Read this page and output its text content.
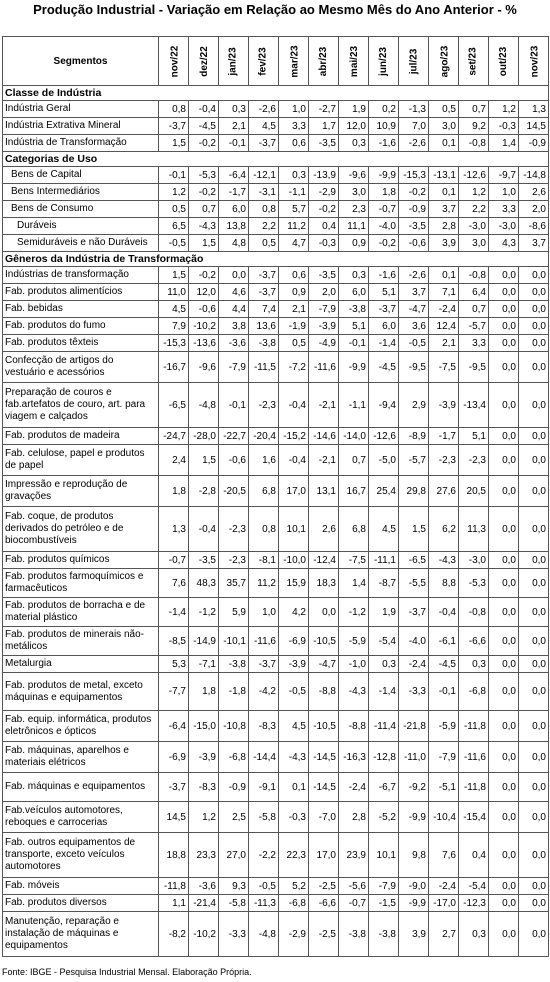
Produção Industrial - Variação em Relação ao Mesmo Mês do Ano Anterior - %
Segmentos	nov/22	dez/22	jan/23	fev/23	mar/23	abr/23	mai/23	jun/23	jul/23	ago/23	set/23	out/23	nov/23
Classe de Indústria													
Indústria Geral	0,8	-0,4	0,3	-2,6	1,0	-2,7	1,9	0,2	-1,3	0,5	0,7	1,2	1,3
Indústria Extrativa Mineral	-3,7	-4,5	2,1	4,5	3,3	1,7	12,0	10,9	7,0	3,0	9,2	-0,3	14,5
Indústria de Transformação	1,5	-0,2	-0,1	-3,7	0,6	-3,5	0,3	-1,6	-2,6	0,1	-0,8	1,4	-0,9
Categorias de Uso													
Bens de Capital	-0,1	-5,3	-6,4	-12,1	0,3	-13,9	-9,6	-9,9	-15,3	-13,1	-12,6	-9,7	-14,8
Bens Intermediários	1,2	-0,2	-1,7	-3,1	-1,1	-2,9	3,0	1,8	-0,2	0,1	1,2	1,0	2,6
Bens de Consumo	0,5	0,7	6,0	0,8	5,7	-0,2	2,3	-0,7	-0,9	3,7	2,2	3,3	2,0
Duráveis	6,5	-4,3	13,8	2,2	11,2	0,4	11,1	-4,0	-3,5	2,8	-3,0	-3,0	-8,6
Semiduráveis e não Duráveis	-0,5	1,5	4,8	0,5	4,7	-0,3	0,9	-0,2	-0,6	3,9	3,0	4,3	3,7
Gêneros da Indústria de Transformação													
Indústrias de transformação	1,5	-0,2	0,0	-3,7	0,6	-3,5	0,3	-1,6	-2,6	0,1	-0,8	0,0	0,0
Fab. produtos alimentícios	11,0	12,0	4,6	-3,7	0,9	2,0	6,0	5,1	3,7	7,1	6,4	0,0	0,0
Fab. bebidas	4,5	-0,6	4,4	7,4	2,1	-7,9	-3,8	-3,7	-4,7	-2,4	0,7	0,0	0,0
Fab. produtos do fumo	7,9	-10,2	3,8	13,6	-1,9	-3,9	5,1	6,0	3,6	12,4	-5,7	0,0	0,0
Fab. produtos têxteis	-15,3	-13,6	-3,6	-3,8	0,5	-4,9	-0,1	-1,4	-0,5	2,1	3,3	0,0	0,0
Confecção de artigos do vestuário e acessórios	-16,7	-9,6	-7,9	-11,5	-7,2	-11,6	-9,9	-4,5	-9,5	-7,5	-9,5	0,0	0,0
Preparação de couros e fab.artefatos de couro, art. para viagem e calçados	-6,5	-4,8	-0,1	-2,3	-0,4	-2,1	-1,1	-9,4	2,9	-3,9	-13,4	0,0	0,0
Fab. produtos de madeira	-24,7	-28,0	-22,7	-20,4	-15,2	-14,6	-14,0	-12,6	-8,9	-1,7	5,1	0,0	0,0
Fab. celulose, papel e produtos de papel	2,4	1,5	-0,6	1,6	-0,4	-2,1	0,7	-5,0	-5,7	-2,3	-2,3	0,0	0,0
Impressão e reprodução de gravações	1,8	-2,8	-20,5	6,8	17,0	13,1	16,7	25,4	29,8	27,6	20,5	0,0	0,0
Fab. coque, de produtos derivados do petróleo e de biocombustíveis	1,3	-0,4	-2,3	0,8	10,1	2,6	6,8	4,5	1,5	6,2	11,3	0,0	0,0
Fab. produtos químicos	-0,7	-3,5	-2,3	-8,1	-10,0	-12,4	-7,5	-11,1	-6,5	-4,3	-3,0	0,0	0,0
Fab. produtos farmoquímicos e farmacêuticos	7,6	48,3	35,7	11,2	15,9	18,3	1,4	-8,7	-5,5	8,8	-5,3	0,0	0,0
Fab. produtos de borracha e de material plástico	-1,4	-1,2	5,9	1,0	4,2	0,0	-1,2	1,9	-3,7	-0,4	-0,8	0,0	0,0
Fab. produtos de minerais não-metálicos	-8,5	-14,9	-10,1	-11,6	-6,9	-10,5	-5,9	-5,4	-4,0	-6,1	-6,6	0,0	0,0
Metalurgia	5,3	-7,1	-3,8	-3,7	-3,9	-4,7	-1,0	0,3	-2,4	-4,5	0,3	0,0	0,0
Fab. produtos de metal, exceto máquinas e equipamentos	-7,7	1,8	-1,8	-4,2	-0,5	-8,8	-4,3	-1,4	-3,3	-0,1	-6,8	0,0	0,0
Fab. equip. informática, produtos eletrônicos e ópticos	-6,4	-15,0	-10,8	-8,3	4,5	-10,5	-8,8	-11,4	-21,8	-5,9	-11,8	0,0	0,0
Fab. máquinas, aparelhos e materiais elétricos	-6,9	-3,9	-6,8	-14,4	-4,3	-14,5	-16,3	-12,8	-11,0	-7,9	-11,6	0,0	0,0
Fab. máquinas e equipamentos	-3,7	-8,3	-0,9	-9,1	0,1	-14,5	-2,4	-6,7	-9,2	-5,1	-11,8	0,0	0,0
Fab.veículos automotores, reboques e carrocerias	14,5	1,2	2,5	-5,8	-0,3	-7,0	2,8	-5,2	-9,9	-10,4	-15,4	0,0	0,0
Fab. outros equipamentos de transporte, exceto veículos automotores	18,8	23,3	27,0	-2,2	22,3	17,0	23,9	10,1	9,8	7,6	0,4	0,0	0,0
Fab. móveis	-11,8	-3,6	9,3	-0,5	5,2	-2,5	-5,6	-7,9	-9,0	-2,4	-5,4	0,0	0,0
Fab. produtos diversos	1,1	-21,4	-5,8	-11,3	-6,8	-6,6	-0,7	-1,5	-9,9	-17,0	-12,3	0,0	0,0
Manutenção, reparação e instalação de máquinas e equipamentos	-8,2	-10,2	-3,3	-4,8	-2,9	-2,5	-3,8	-3,8	3,9	2,7	0,3	0,0	0,0
Fonte: IBGE - Pesquisa Industrial Mensal. Elaboração Própria.
